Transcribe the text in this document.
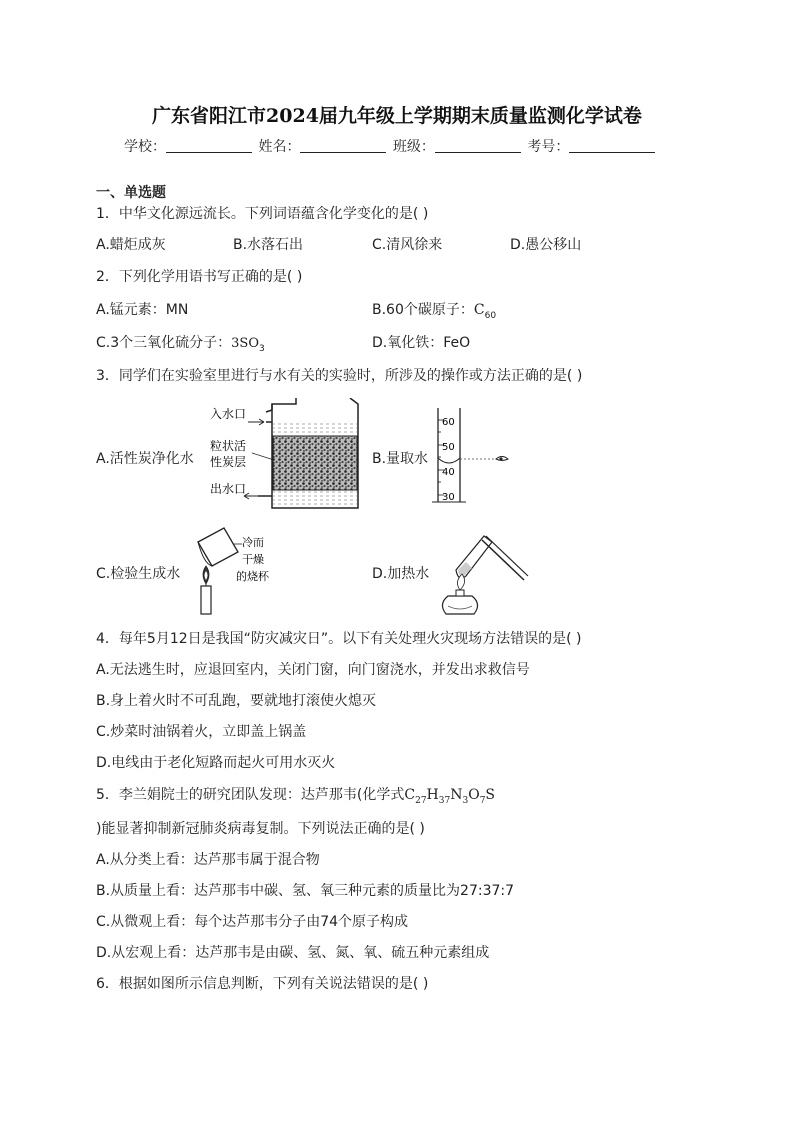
广东省阳江市2024届九年级上学期期末质量监测化学试卷
学校：	姓名：	班级：	考号：
一、单选题
1．中华文化源远流长。下列词语蕴含化学变化的是( )
A.蜡炬成灰	B.水落石出	C.清风徐来	D.愚公移山
2．下列化学用语书写正确的是( )
A.锰元素：MN	B.60个碳原子：$C_{60}$
C.3个三氧化硫分子：$3SO_3$	D.氧化铁：FeO
3．同学们在实验室里进行与水有关的实验时，所涉及的操作或方法正确的是( )
A.活性炭净化水	B.量取水
C.检验生成水	D.加热水
入水口
粒状活
性炭层
出水口
60
50
40
30
冷而
干燥
的烧杯
4．每年5月12日是我国“防灾减灾日”。以下有关处理火灾现场方法错误的是( )
A.无法逃生时，应退回室内，关闭门窗，向门窗浇水，并发出求救信号
B.身上着火时不可乱跑，要就地打滚使火熄灭
C.炒菜时油锅着火，立即盖上锅盖
D.电线由于老化短路而起火可用水灭火
5．李兰娟院士的研究团队发现：达芦那韦(化学式$C_{27}H_{37}N_3O_7S$
)能显著抑制新冠肺炎病毒复制。下列说法正确的是( )
A.从分类上看：达芦那韦属于混合物
B.从质量上看：达芦那韦中碳、氢、氧三种元素的质量比为27:37:7
C.从微观上看：每个达芦那韦分子由74个原子构成
D.从宏观上看：达芦那韦是由碳、氢、氮、氧、硫五种元素组成
6．根据如图所示信息判断，下列有关说法错误的是( )
